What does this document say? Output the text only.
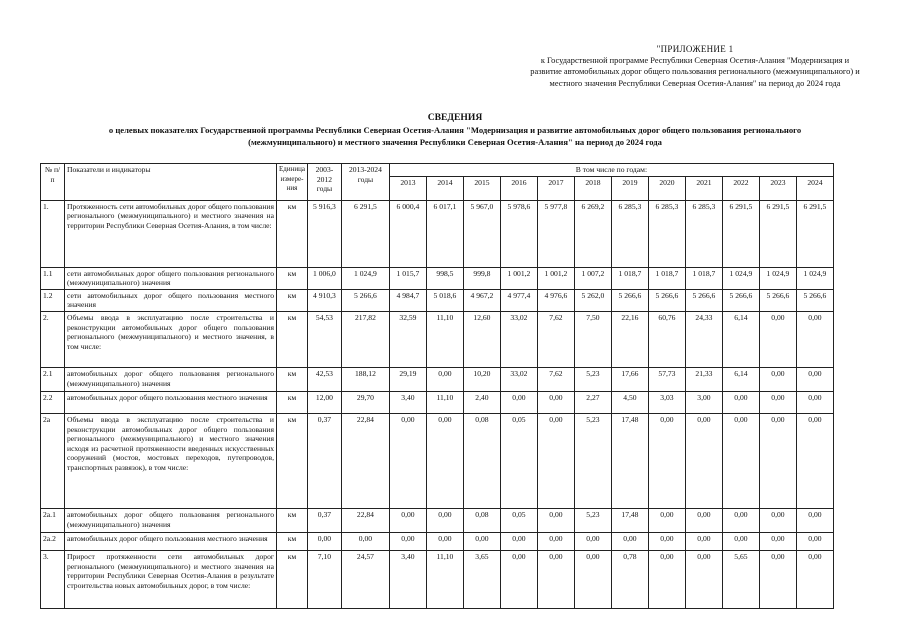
"ПРИЛОЖЕНИЕ 1
к Государственной программе Республики Северная Осетия-Алания "Модернизация и
развитие автомобильных дорог общего пользования регионального (межмуниципального) и
местного значения Республики Северная Осетия-Алания" на период до 2024 года
СВЕДЕНИЯ
о целевых показателях Государственной программы Республики Северная Осетия-Алания "Модернизация и развитие автомобильных дорог общего пользования регионального
(межмуниципального) и местного значения Республики Северная Осетия-Алания" на период до 2024 года
№ п/п	Показатели и индикаторы	Единица измере-ния	2003-2012 годы	2013-2024 годы	В том числе по годам:											
					2013	2014	2015	2016	2017	2018	2019	2020	2021	2022	2023	2024
1.	Протяженность сети автомобильных дорог общего пользования регионального (межмуниципального) и местного значения на территории Республики Северная Осетия-Алания, в том числе:	км	5 916,3	6 291,5	6 000,4	6 017,1	5 967,0	5 978,6	5 977,8	6 269,2	6 285,3	6 285,3	6 285,3	6 291,5	6 291,5	6 291,5
1.1	сети автомобильных дорог общего пользования регионального (межмуниципального) значения	км	1 006,0	1 024,9	1 015,7	998,5	999,8	1 001,2	1 001,2	1 007,2	1 018,7	1 018,7	1 018,7	1 024,9	1 024,9	1 024,9
1.2	сети автомобильных дорог общего пользования местного значения	км	4 910,3	5 266,6	4 984,7	5 018,6	4 967,2	4 977,4	4 976,6	5 262,0	5 266,6	5 266,6	5 266,6	5 266,6	5 266,6	5 266,6
2.	Объемы ввода в эксплуатацию после строительства и реконструкции автомобильных дорог общего пользования регионального (межмуниципального) и местного значения, в том числе:	км	54,53	217,82	32,59	11,10	12,60	33,02	7,62	7,50	22,16	60,76	24,33	6,14	0,00	0,00
2.1	автомобильных дорог общего пользования регионального (межмуниципального) значения	км	42,53	188,12	29,19	0,00	10,20	33,02	7,62	5,23	17,66	57,73	21,33	6,14	0,00	0,00
2.2	автомобильных дорог общего пользования местного значения	км	12,00	29,70	3,40	11,10	2,40	0,00	0,00	2,27	4,50	3,03	3,00	0,00	0,00	0,00
2а	Объемы ввода в эксплуатацию после строительства и реконструкции автомобильных дорог общего пользования регионального (межмуниципального) и местного значения исходя из расчетной протяженности введенных искусственных сооружений (мостов, мостовых переходов, путепроводов, транспортных развязок), в том числе:	км	0,37	22,84	0,00	0,00	0,08	0,05	0,00	5,23	17,48	0,00	0,00	0,00	0,00	0,00
2а.1	автомобильных дорог общего пользования регионального (межмуниципального) значения	км	0,37	22,84	0,00	0,00	0,08	0,05	0,00	5,23	17,48	0,00	0,00	0,00	0,00	0,00
2а.2	автомобильных дорог общего пользования местного значения	км	0,00	0,00	0,00	0,00	0,00	0,00	0,00	0,00	0,00	0,00	0,00	0,00	0,00	0,00
3.	Прирост протяженности сети автомобильных дорог регионального (межмуниципального) и местного значения на территории Республики Северная Осетия-Алания в результате строительства новых автомобильных дорог, в том числе:	км	7,10	24,57	3,40	11,10	3,65	0,00	0,00	0,00	0,78	0,00	0,00	5,65	0,00	0,00
